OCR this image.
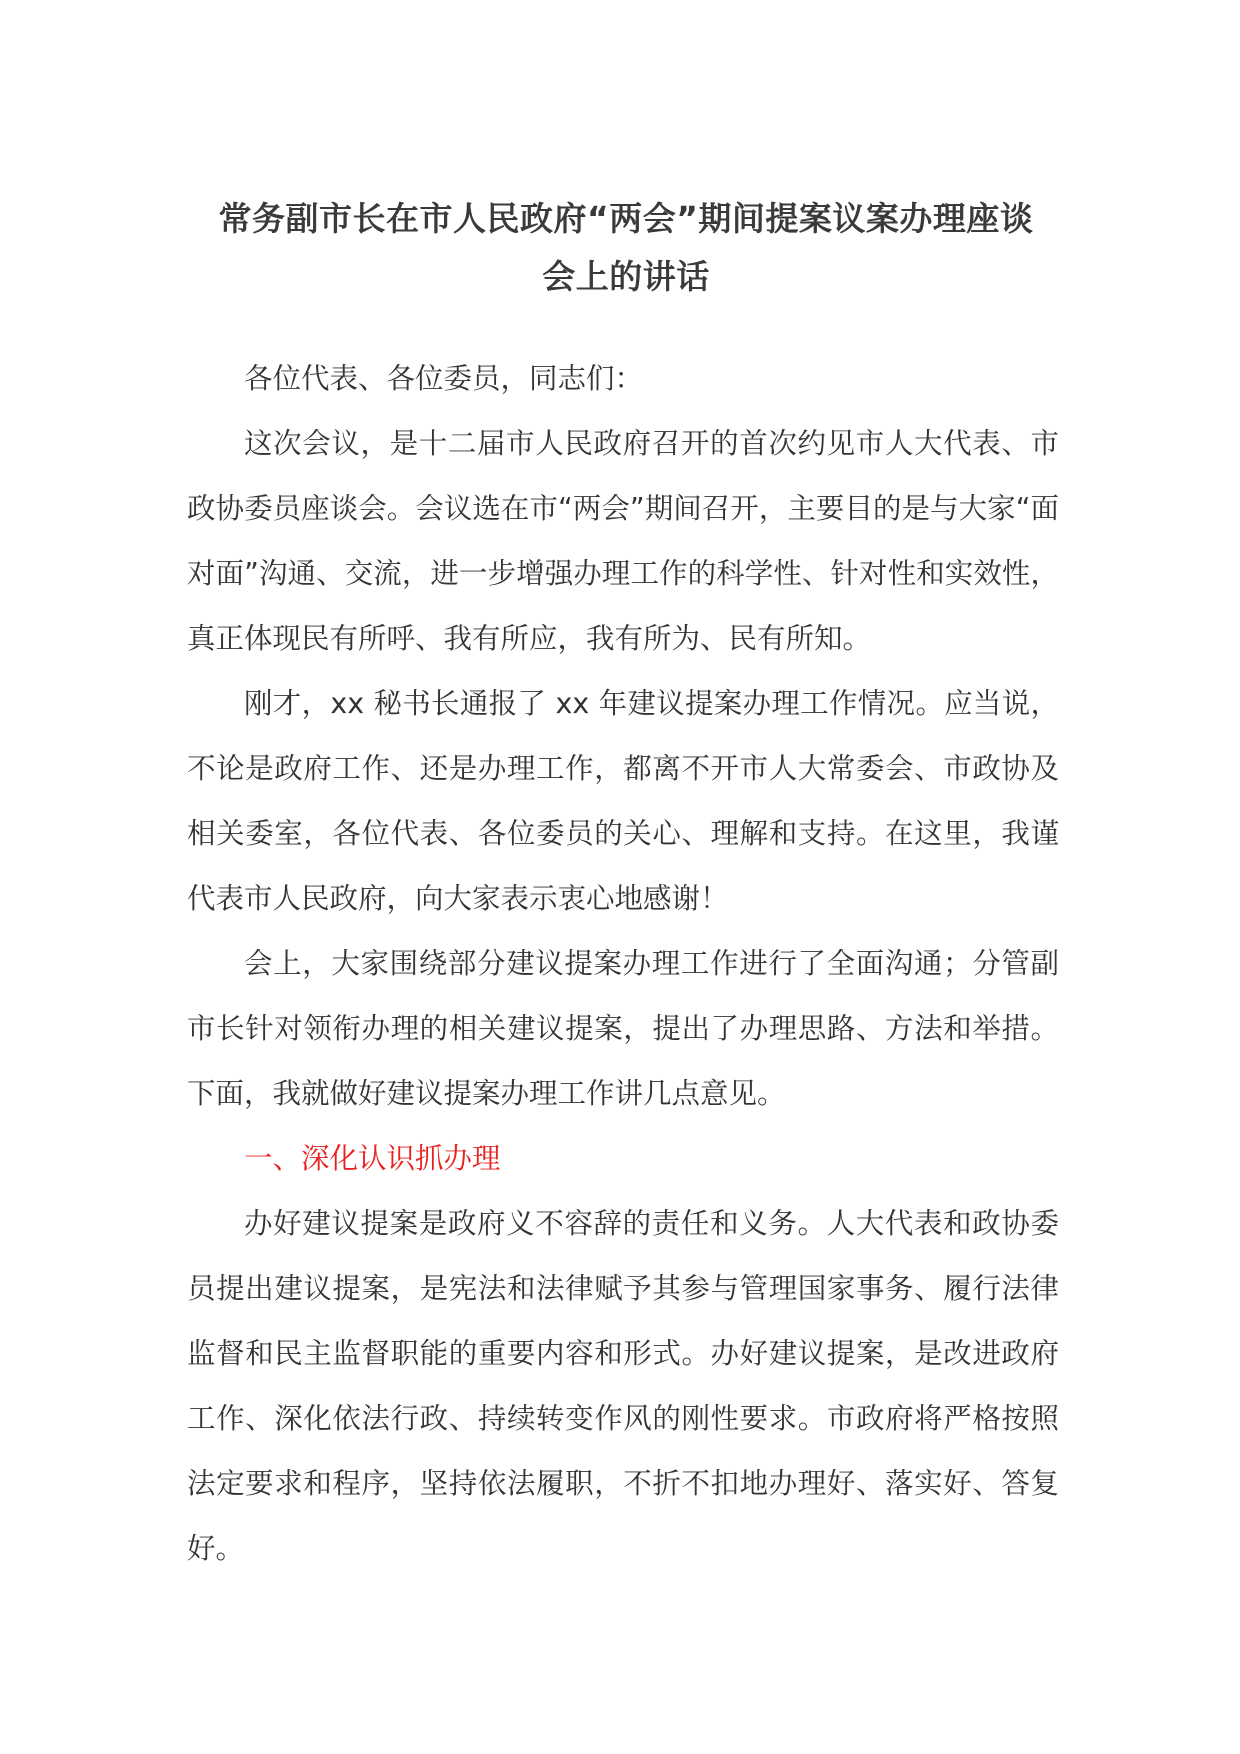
常务副市长在市人民政府“两会”期间提案议案办理座谈
会上的讲话

各位代表、各位委员，同志们：

这次会议，是十二届市人民政府召开的首次约见市人大代表、市政协委员座谈会。会议选在市“两会”期间召开，主要目的是与大家“面对面”沟通、交流，进一步增强办理工作的科学性、针对性和实效性，真正体现民有所呼、我有所应，我有所为、民有所知。

刚才，xx 秘书长通报了 xx 年建议提案办理工作情况。应当说，不论是政府工作、还是办理工作，都离不开市人大常委会、市政协及相关委室，各位代表、各位委员的关心、理解和支持。在这里，我谨代表市人民政府，向大家表示衷心地感谢！

会上，大家围绕部分建议提案办理工作进行了全面沟通；分管副市长针对领衔办理的相关建议提案，提出了办理思路、方法和举措。下面，我就做好建议提案办理工作讲几点意见。

一、深化认识抓办理

办好建议提案是政府义不容辞的责任和义务。人大代表和政协委员提出建议提案，是宪法和法律赋予其参与管理国家事务、履行法律监督和民主监督职能的重要内容和形式。办好建议提案，是改进政府工作、深化依法行政、持续转变作风的刚性要求。市政府将严格按照法定要求和程序，坚持依法履职，不折不扣地办理好、落实好、答复好。
